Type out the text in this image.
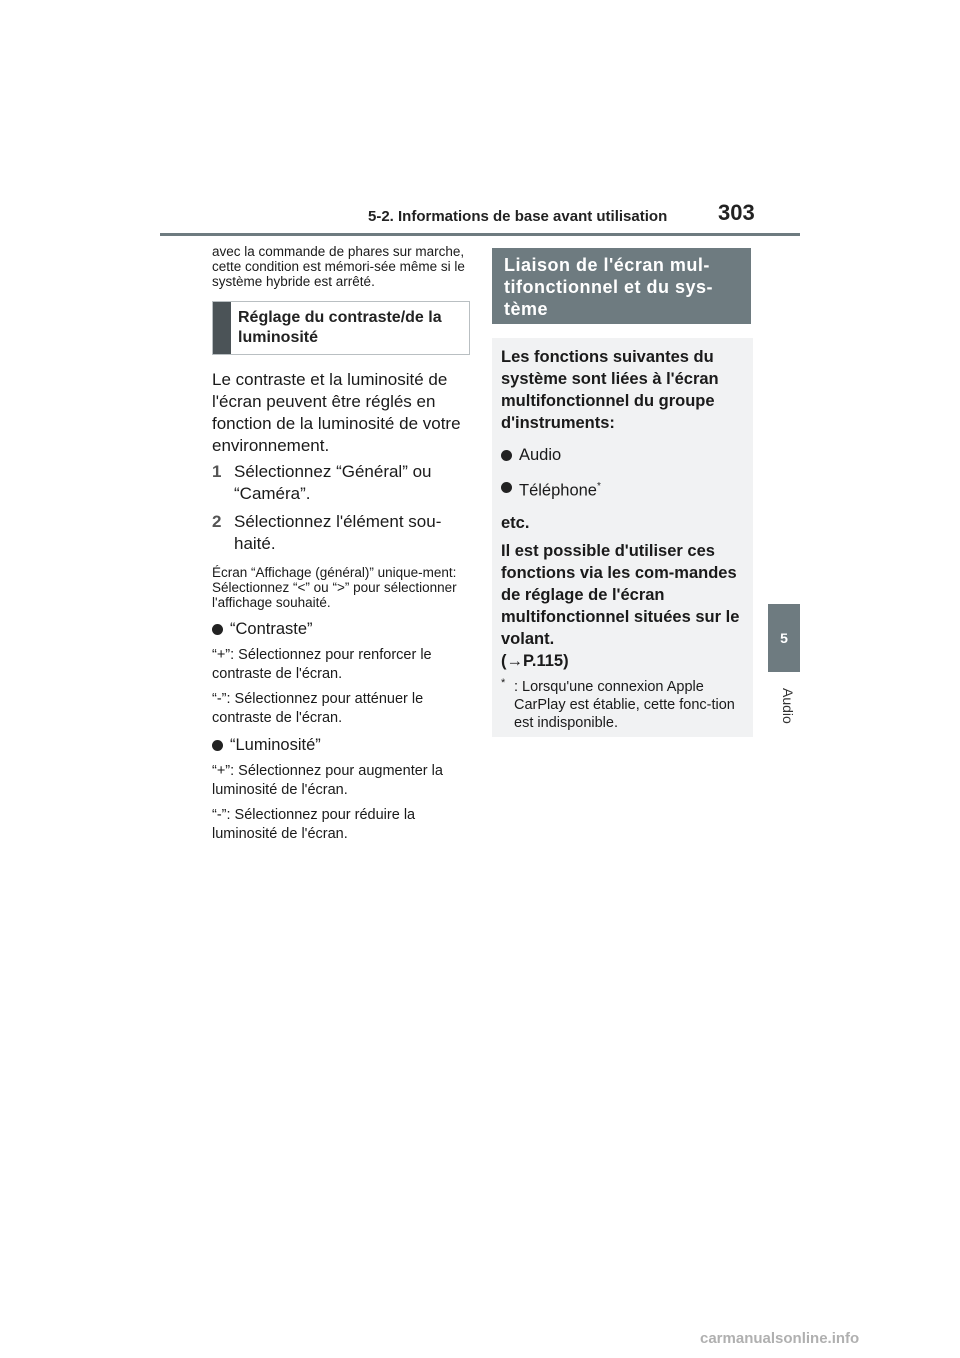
5-2. Informations de base avant utilisation 303
5
Audio

avec la commande de phares sur marche, cette condition est mémori-sée même si le système hybride est arrêté.

Réglage du contraste/de la luminosité

Le contraste et la luminosité de l'écran peuvent être réglés en fonction de la luminosité de votre environnement.

1 Sélectionnez “Général” ou “Caméra”.
2 Sélectionnez l'élément sou-haité.

Écran “Affichage (général)” unique-ment: Sélectionnez “<” ou “>” pour sélectionner l'affichage souhaité.

“Contraste”

“+”: Sélectionnez pour renforcer le contraste de l'écran.

“-”: Sélectionnez pour atténuer le contraste de l'écran.

“Luminosité”

“+”: Sélectionnez pour augmenter la luminosité de l'écran.

“-”: Sélectionnez pour réduire la luminosité de l'écran.

Liaison de l'écran mul-tifonctionnel et du sys-tème

Les fonctions suivantes du système sont liées à l'écran multifonctionnel du groupe d'instruments:

Audio
Téléphone*

etc.

Il est possible d'utiliser ces fonctions via les com-mandes de réglage de l'écran multifonctionnel situées sur le volant.

(→P.115)

* : Lorsqu'une connexion Apple CarPlay est établie, cette fonc-tion est indisponible.
carmanualsonline.info
